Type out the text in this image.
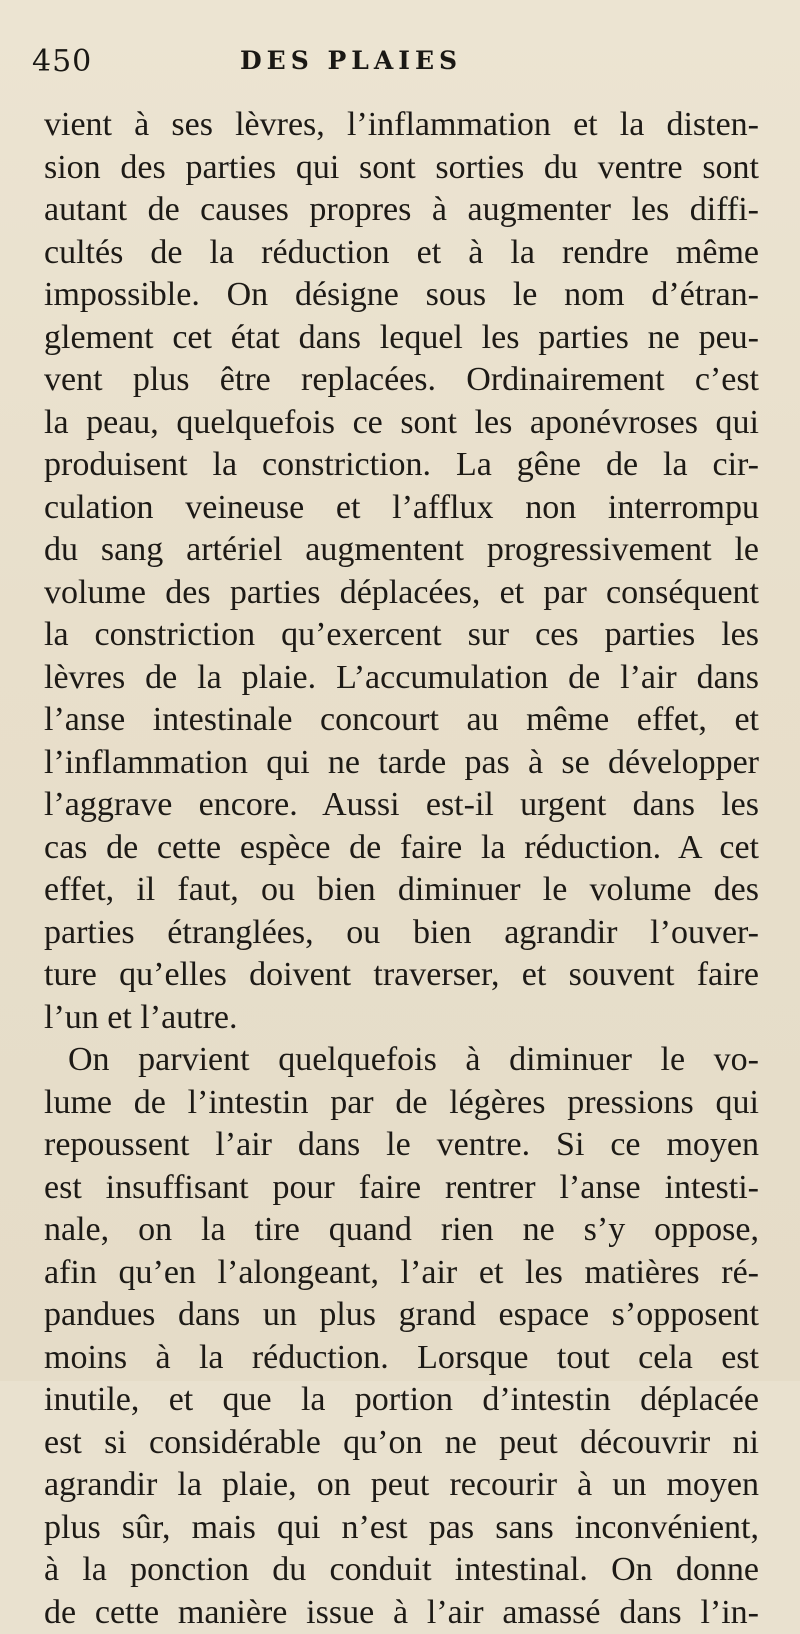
450	DES PLAIES
vient à ses lèvres, l’inflammation et la disten-
sion des parties qui sont sorties du ventre sont
autant de causes propres à augmenter les diffi-
cultés de la réduction et à la rendre même
impossible. On désigne sous le nom d’étran-
glement cet état dans lequel les parties ne peu-
vent plus être replacées. Ordinairement c’est
la peau, quelquefois ce sont les aponévroses qui
produisent la constriction. La gêne de la cir-
culation veineuse et l’afflux non interrompu
du sang artériel augmentent progressivement le
volume des parties déplacées, et par conséquent
la constriction qu’exercent sur ces parties les
lèvres de la plaie. L’accumulation de l’air dans
l’anse intestinale concourt au même effet, et
l’inflammation qui ne tarde pas à se développer
l’aggrave encore. Aussi est-il urgent dans les
cas de cette espèce de faire la réduction. A cet
effet, il faut, ou bien diminuer le volume des
parties étranglées, ou bien agrandir l’ouver-
ture qu’elles doivent traverser, et souvent faire
l’un et l’autre.
On parvient quelquefois à diminuer le vo-
lume de l’intestin par de légères pressions qui
repoussent l’air dans le ventre. Si ce moyen
est insuffisant pour faire rentrer l’anse intesti-
nale, on la tire quand rien ne s’y oppose,
afin qu’en l’alongeant, l’air et les matières ré-
pandues dans un plus grand espace s’opposent
moins à la réduction. Lorsque tout cela est
inutile, et que la portion d’intestin déplacée
est si considérable qu’on ne peut découvrir ni
agrandir la plaie, on peut recourir à un moyen
plus sûr, mais qui n’est pas sans inconvénient,
à la ponction du conduit intestinal. On donne
de cette manière issue à l’air amassé dans l’in-
